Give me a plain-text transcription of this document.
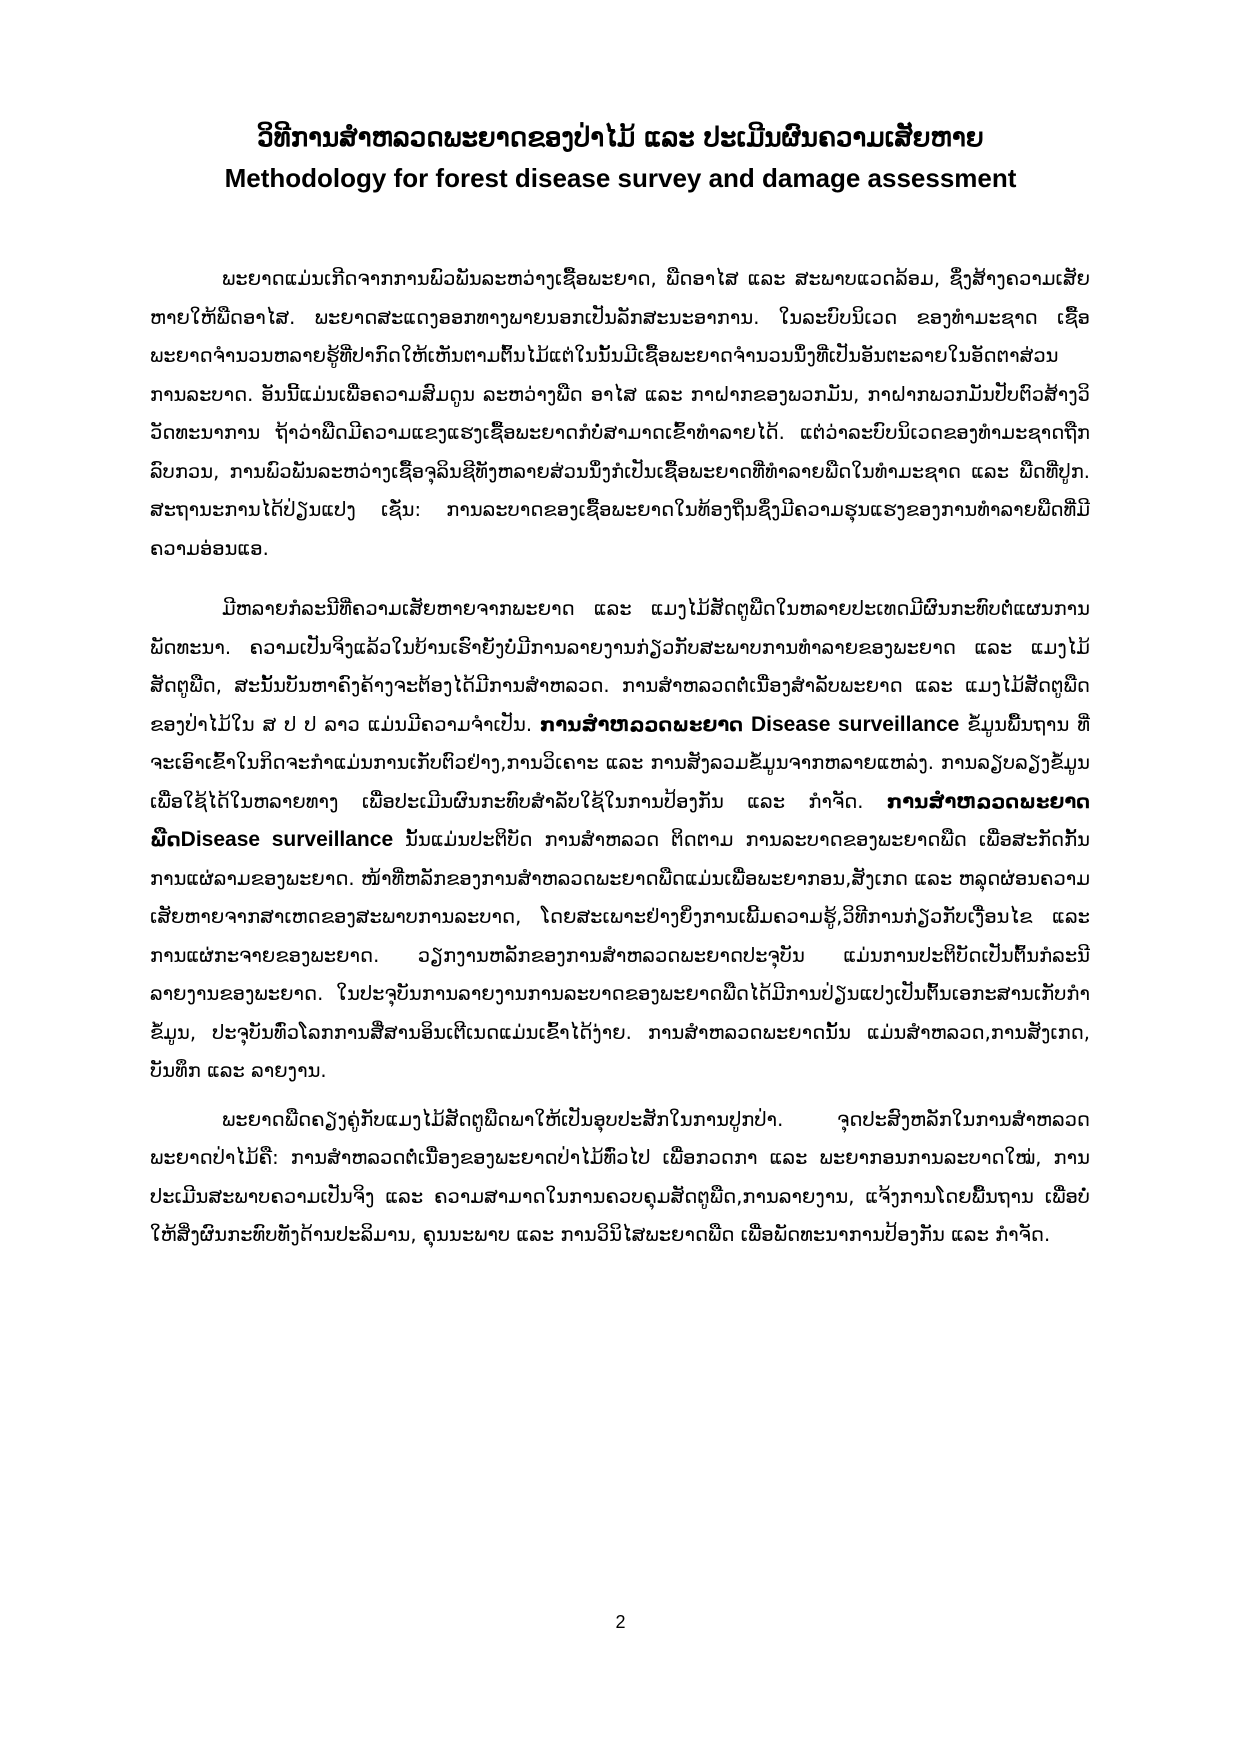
ວິທີການສຳຫລວດພະຍາດຂອງປ່າໄມ້ ແລະ ປະເມີນຜົນຄວາມເສັຍຫາຍ

Methodology for forest disease survey and damage assessment

ພະຍາດແມ່ນເກີດຈາກການພົວພັນລະຫວ່າງເຊື້ອພະຍາດ, ພືດອາໄສ ແລະ ສະພາບແວດລ້ອມ, ຊຶ່ງສ້າງຄວາມເສັຍຫາຍໃຫ້ພືດອາໄສ. ພະຍາດສະແດງອອກທາງພາຍນອກເປັນລັກສະນະອາການ. ໃນລະບົບນິເວດ ຂອງທຳມະຊາດ ເຊື້ອພະຍາດຈຳນວນຫລາຍຮູ້ທີ່ປາກົດໃຫ້ເຫັນຕາມຕົ້ນໄມ້ແຕ່ໃນນັ້ນມີເຊື້ອພະຍາດຈຳນວນນຶ່ງທີ່ເປັນອັນຕະລາຍໃນອັດຕາສ່ວນການລະບາດ. ອັນນີ້ແມ່ນເພື່ອຄວາມສົມດູນ ລະຫວ່າງພືດ ອາໄສ ແລະ ກາຝາກຂອງພວກມັນ, ກາຝາກພວກມັນປັບຕົວສ້າງວິວັດທະນາການ ຖ້າວ່າພືດມີຄວາມແຂງແຮງເຊື້ອພະຍາດກໍບໍ່ສາມາດເຂົ້າທຳລາຍໄດ້. ແຕ່ວ່າລະບົບນິເວດຂອງທຳມະຊາດຖືກລົບກວນ, ການພົວພັນລະຫວ່າງເຊື້ອຈຸລິນຊີທັງຫລາຍສ່ວນນຶ່ງກໍເປັນເຊື້ອພະຍາດທີ່ທຳລາຍພືດໃນທຳມະຊາດ ແລະ ພືດທີ່ປູກ. ສະຖານະການໄດ້ປ່ຽນແປງ ເຊັ່ນ: ການລະບາດຂອງເຊື້ອພະຍາດໃນທ້ອງຖິ່ນຊຶ່ງມີຄວາມຮຸນແຮງຂອງການທຳລາຍພືດທີ່ມີຄວາມອ່ອນແອ.

ມີຫລາຍກໍລະນີທີ່ຄວາມເສັຍຫາຍຈາກພະຍາດ ແລະ ແມງໄມ້ສັດຕູພືດໃນຫລາຍປະເທດມີຜົນກະທົບຕໍ່ແຜນການພັດທະນາ. ຄວາມເປັນຈິງແລ້ວໃນບ້ານເຮົາຍັງບໍ່ມີການລາຍງານກ່ຽວກັບສະພາບການທຳລາຍຂອງພະຍາດ ແລະ ແມງໄມ້ສັດຕູພືດ, ສະນັ້ນບັນຫາຄົງຄ້າງຈະຕ້ອງໄດ້ມີການສຳຫລວດ. ການສຳຫລວດຕໍ່ເນື່ອງສຳລັບພະຍາດ ແລະ ແມງໄມ້ສັດຕູພືດ ຂອງປ່າໄມ້ໃນ ສ ປ ປ ລາວ ແມ່ນມີຄວາມຈຳເປັນ. ການສຳຫລວດພະຍາດ Disease surveillance ຂໍ້ມູນພື້ນຖານ ທີ່ຈະເອົາເຂົ້າໃນກິດຈະກຳແມ່ນການເກັບຕົວຢ່າງ,ການວິເຄາະ ແລະ ການສັງລວມຂໍ້ມູນຈາກຫລາຍແຫລ່ງ. ການລຽບລຽງຂໍ້ມູນເພື່ອໃຊ້ໄດ້ໃນຫລາຍທາງ ເພື່ອປະເມີນຜົນກະທົບສຳລັບໃຊ້ໃນການປ້ອງກັນ ແລະ ກຳຈັດ. ການສຳຫລວດພະຍາດພືດDisease surveillance ນັ້ນແມ່ນປະຕິບັດ ການສຳຫລວດ ຕິດຕາມ ການລະບາດຂອງພະຍາດພືດ ເພື່ອສະກັດກັ້ນການແຜ່ລາມຂອງພະຍາດ. ໜ້າທີ່ຫລັກຂອງການສຳຫລວດພະຍາດພືດແມ່ນເພື່ອພະຍາກອນ,ສັງເກດ ແລະ ຫລຸດຜ່ອນຄວາມເສັຍຫາຍຈາກສາເຫດຂອງສະພາບການລະບາດ, ໂດຍສະເພາະຢ່າງຍິ່ງການເພີ້ມຄວາມຮູ້,ວິທີການກ່ຽວກັບເງື່ອນໄຂ ແລະ ການແຜ່ກະຈາຍຂອງພະຍາດ. ວຽກງານຫລັກຂອງການສຳຫລວດພະຍາດປະຈຸບັນ ແມ່ນການປະຕິບັດເປັນຕົ້ນກໍລະນີລາຍງານຂອງພະຍາດ. ໃນປະຈຸບັນການລາຍງານການລະບາດຂອງພະຍາດພືດໄດ້ມີການປ່ຽນແປງເປັນຕົ້ນເອກະສານເກັບກຳຂໍ້ມູນ, ປະຈຸບັນທົ່ວໂລກການສື່ສານອິນເຕີເນດແມ່ນເຂົ້າໄດ້ງ່າຍ. ການສຳຫລວດພະຍາດນັ້ນ ແມ່ນສຳຫລວດ,ການສັງເກດ, ບັນທຶກ ແລະ ລາຍງານ.

ພະຍາດພືດຄຽງຄູ່ກັບແມງໄມ້ສັດຕູພືດພາໃຫ້ເປັນອຸບປະສັກໃນການປູກປ່າ. ຈຸດປະສົງຫລັກໃນການສຳຫລວດພະຍາດປ່າໄມ້ຄື: ການສຳຫລວດຕໍ່ເນື່ອງຂອງພະຍາດປ່າໄມ້ທົ່ວໄປ ເພື່ອກວດກາ ແລະ ພະຍາກອນການລະບາດໃໝ່, ການປະເມີນສະພາບຄວາມເປັນຈິງ ແລະ ຄວາມສາມາດໃນການຄວບຄຸມສັດຕູພືດ,ການລາຍງານ, ແຈ້ງການໂດຍພື້ນຖານ ເພື່ອບໍ່ໃຫ້ສິ່ງຜົນກະທົບທັງດ້ານປະລິມານ, ຄຸນນະພາບ ແລະ ການວິນິໄສພະຍາດພືດ ເພື່ອພັດທະນາການປ້ອງກັນ ແລະ ກຳຈັດ.

2
